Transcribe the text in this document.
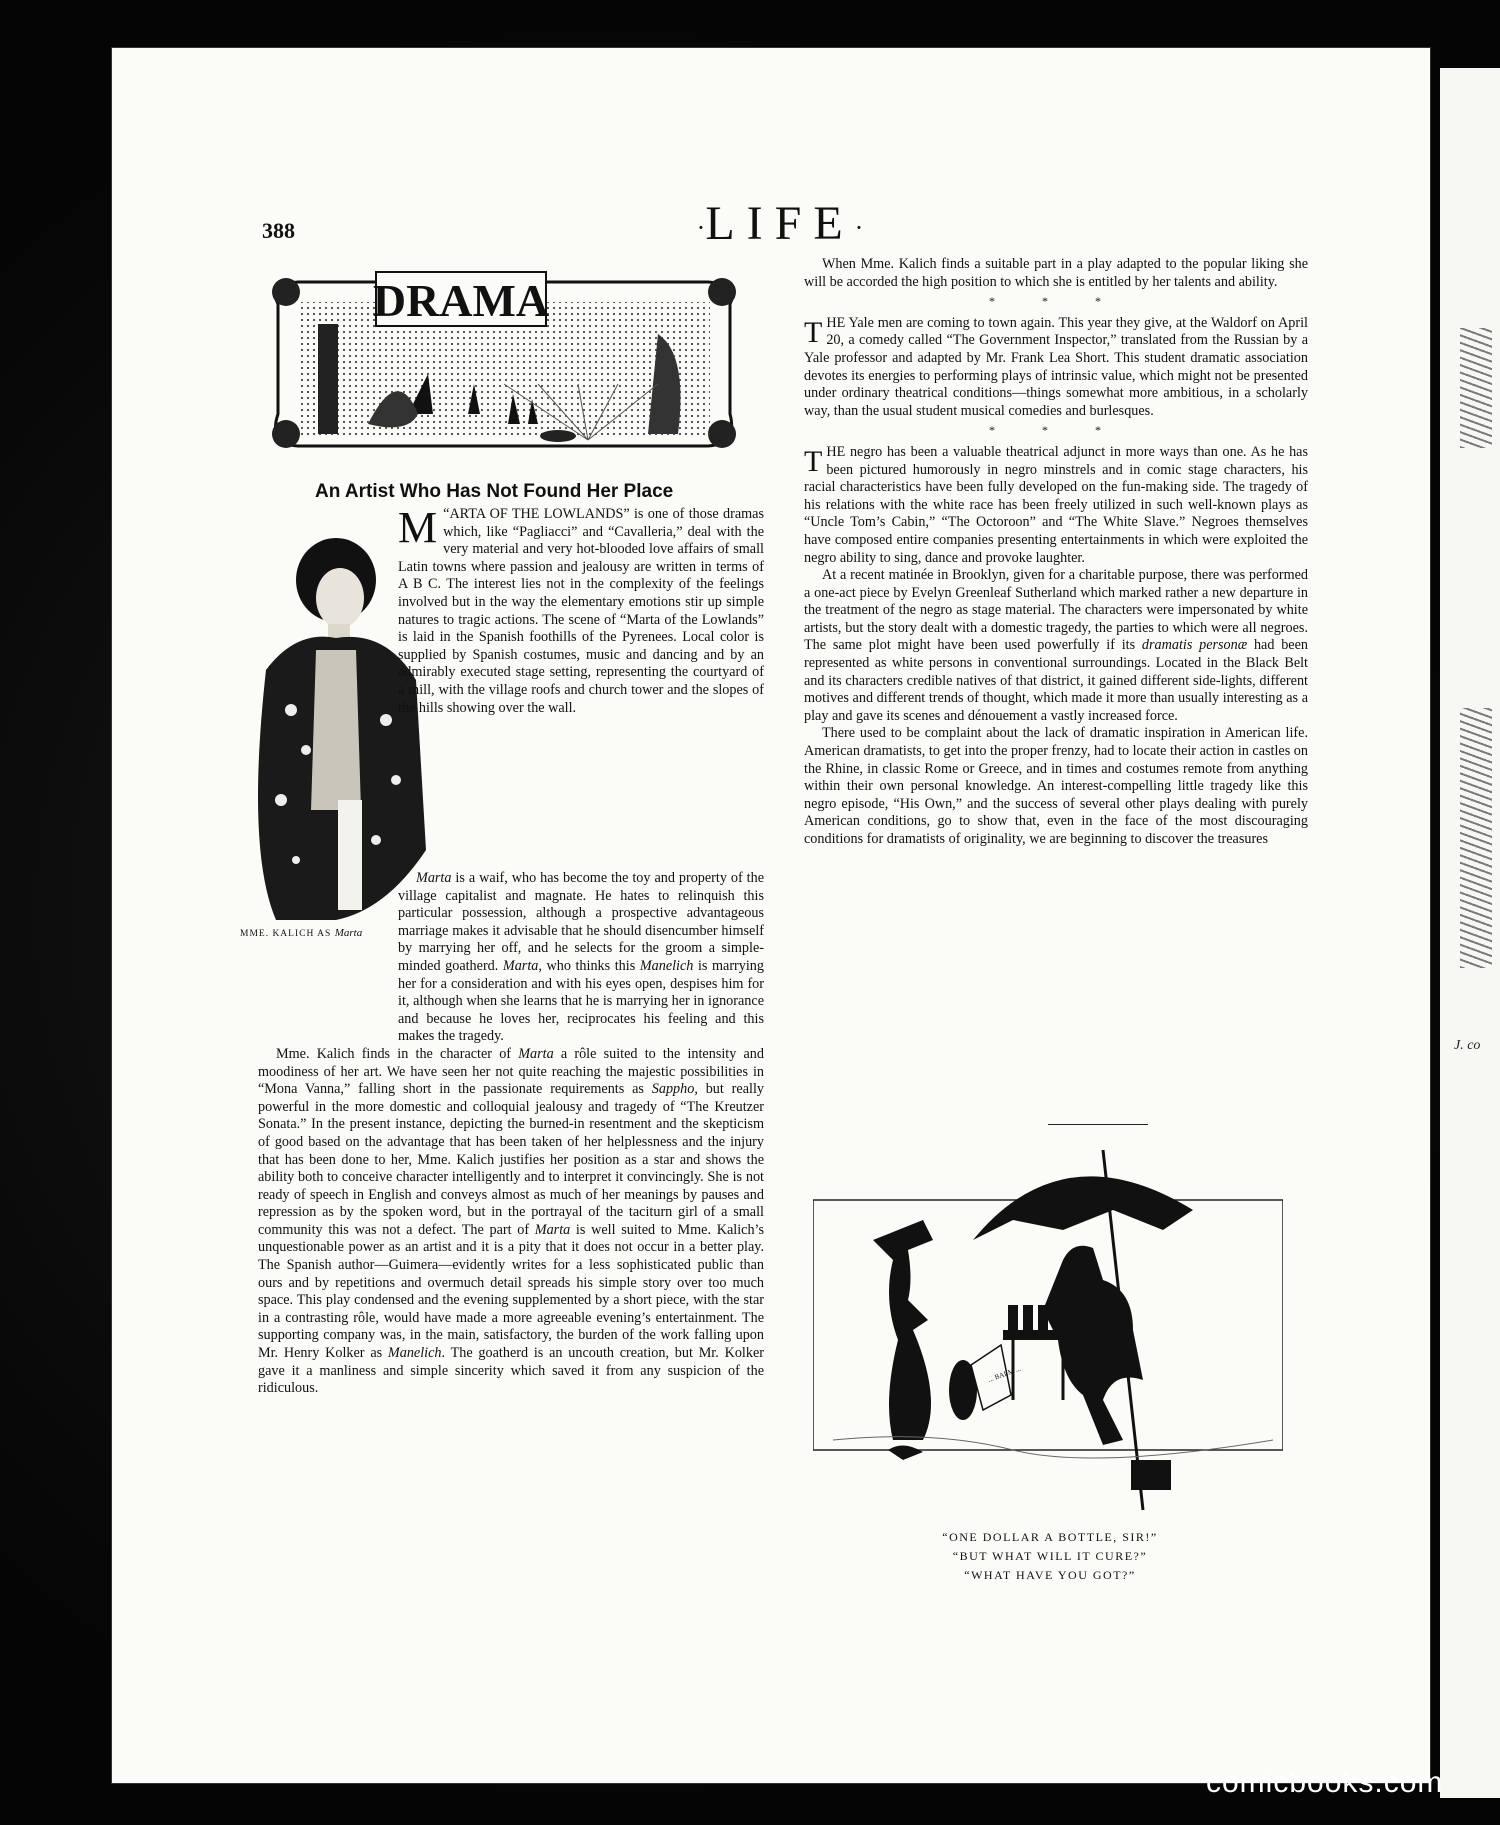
J. co
388	·LIFE·
DRAMA
An Artist Who Has Not Found Her Place
MME. KALICH AS Marta

M “ARTA OF THE LOWLANDS” is one of those dramas which, like “Pagliacci” and “Cavalleria,” deal with the very material and very hot-blooded love affairs of small Latin towns where passion and jealousy are written in terms of A B C. The interest lies not in the complexity of the feelings involved but in the way the elementary emotions stir up simple natures to tragic actions. The scene of “Marta of the Lowlands” is laid in the Spanish foothills of the Pyrenees. Local color is supplied by Spanish costumes, music and dancing and by an admirably executed stage setting, representing the courtyard of a mill, with the village roofs and church tower and the slopes of the hills showing over the wall.

Marta is a waif, who has become the toy and property of the village capitalist and magnate. He hates to relinquish this particular possession, although a prospective advantageous marriage makes it advisable that he should disencumber himself by marrying her off, and he selects for the groom a simple-minded goatherd. Marta, who thinks this Manelich is marrying her for a consideration and with his eyes open, despises him for it, although when she learns that he is marrying her in ignorance and because he loves her, reciprocates his feeling and this makes the tragedy.

Mme. Kalich finds in the character of Marta a rôle suited to the intensity and moodiness of her art. We have seen her not quite reaching the majestic possibilities in “Mona Vanna,” falling short in the passionate requirements as Sappho, but really powerful in the more domestic and colloquial jealousy and tragedy of “The Kreutzer Sonata.” In the present instance, depicting the burned-in resentment and the skepticism of good based on the advantage that has been taken of her helplessness and the injury that has been done to her, Mme. Kalich justifies her position as a star and shows the ability both to conceive character intelligently and to interpret it convincingly. She is not ready of speech in English and conveys almost as much of her meanings by pauses and repression as by the spoken word, but in the portrayal of the taciturn girl of a small community this was not a defect. The part of Marta is well suited to Mme. Kalich’s unquestionable power as an artist and it is a pity that it does not occur in a better play. The Spanish author—Guimera—evidently writes for a less sophisticated public than ours and by repetitions and overmuch detail spreads his simple story over too much space. This play condensed and the evening supplemented by a short piece, with the star in a contrasting rôle, would have made a more agreeable evening’s entertainment. The supporting company was, in the main, satisfactory, the burden of the work falling upon Mr. Henry Kolker as Manelich. The goatherd is an uncouth creation, but Mr. Kolker gave it a manliness and simple sincerity which saved it from any suspicion of the ridiculous.

When Mme. Kalich finds a suitable part in a play adapted to the popular liking she will be accorded the high position to which she is entitled by her talents and ability.

* * *

THE Yale men are coming to town again. This year they give, at the Waldorf on April 20, a comedy called “The Government Inspector,” translated from the Russian by a Yale professor and adapted by Mr. Frank Lea Short. This student dramatic association devotes its energies to performing plays of intrinsic value, which might not be presented under ordinary theatrical conditions—things somewhat more ambitious, in a scholarly way, than the usual student musical comedies and burlesques.

* * *

THE negro has been a valuable theatrical adjunct in more ways than one. As he has been pictured humorously in negro minstrels and in comic stage characters, his racial characteristics have been fully developed on the fun-making side. The tragedy of his relations with the white race has been freely utilized in such well-known plays as “Uncle Tom’s Cabin,” “The Octoroon” and “The White Slave.” Negroes themselves have composed entire companies presenting entertainments in which were exploited the negro ability to sing, dance and provoke laughter.

At a recent matinée in Brooklyn, given for a charitable purpose, there was performed a one-act piece by Evelyn Greenleaf Sutherland which marked rather a new departure in the treatment of the negro as stage material. The characters were impersonated by white artists, but the story dealt with a domestic tragedy, the parties to which were all negroes. The same plot might have been used powerfully if its dramatis personæ had been represented as white persons in conventional surroundings. Located in the Black Belt and its characters credible natives of that district, it gained different side-lights, different motives and different trends of thought, which made it more than usually interesting as a play and gave its scenes and dénouement a vastly increased force.

There used to be complaint about the lack of dramatic inspiration in American life. American dramatists, to get into the proper frenzy, had to locate their action in castles on the Rhine, in classic Rome or Greece, and in times and costumes remote from anything within their own personal knowledge. An interest-compelling little tragedy like this negro episode, “His Own,” and the success of several other plays dealing with purely American conditions, go to show that, even in the face of the most discouraging conditions for dramatists of originality, we are beginning to discover the treasures

... BALM ...
“ONE DOLLAR A BOTTLE, SIR!”
“BUT WHAT WILL IT CURE?”
“WHAT HAVE YOU GOT?”
comicbooks.com
